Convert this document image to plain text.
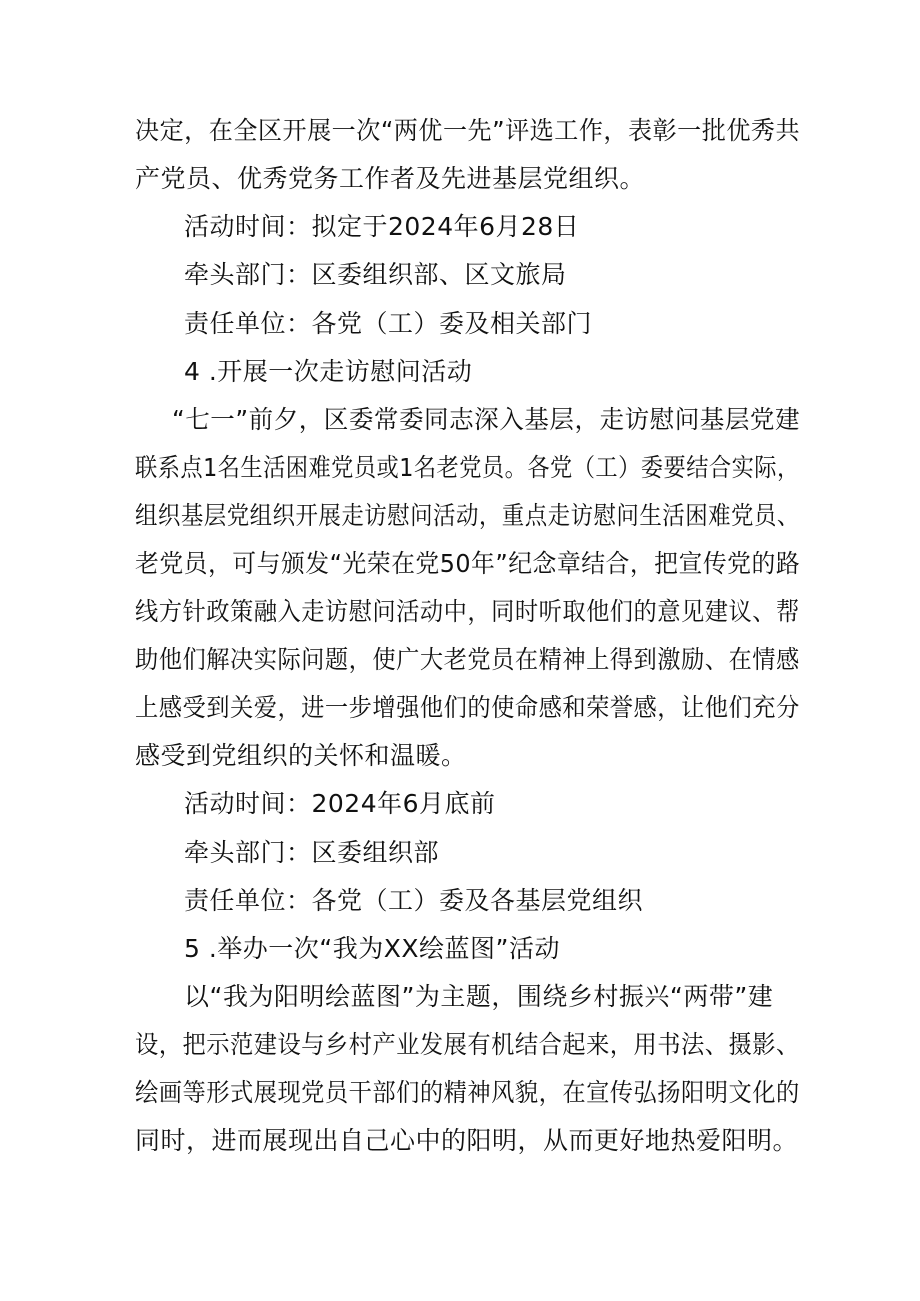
决定，在全区开展一次“两优一先”评选工作，表彰一批优秀共
产党员、优秀党务工作者及先进基层党组织。
活动时间：拟定于2024年6月28日
牵头部门：区委组织部、区文旅局
责任单位：各党（工）委及相关部门
4 .开展一次走访慰问活动
“七一”前夕，区委常委同志深入基层，走访慰问基层党建
联系点1名生活困难党员或1名老党员。各党（工）委要结合实际，
组织基层党组织开展走访慰问活动，重点走访慰问生活困难党员、
老党员，可与颁发“光荣在党50年”纪念章结合，把宣传党的路
线方针政策融入走访慰问活动中，同时听取他们的意见建议、帮
助他们解决实际问题，使广大老党员在精神上得到激励、在情感
上感受到关爱，进一步增强他们的使命感和荣誉感，让他们充分
感受到党组织的关怀和温暖。
活动时间：2024年6月底前
牵头部门：区委组织部
责任单位：各党（工）委及各基层党组织
5 .举办一次“我为XX绘蓝图”活动
以“我为阳明绘蓝图”为主题，围绕乡村振兴“两带”建
设，把示范建设与乡村产业发展有机结合起来，用书法、摄影、
绘画等形式展现党员干部们的精神风貌，在宣传弘扬阳明文化的
同时，进而展现出自己心中的阳明，从而更好地热爱阳明。
